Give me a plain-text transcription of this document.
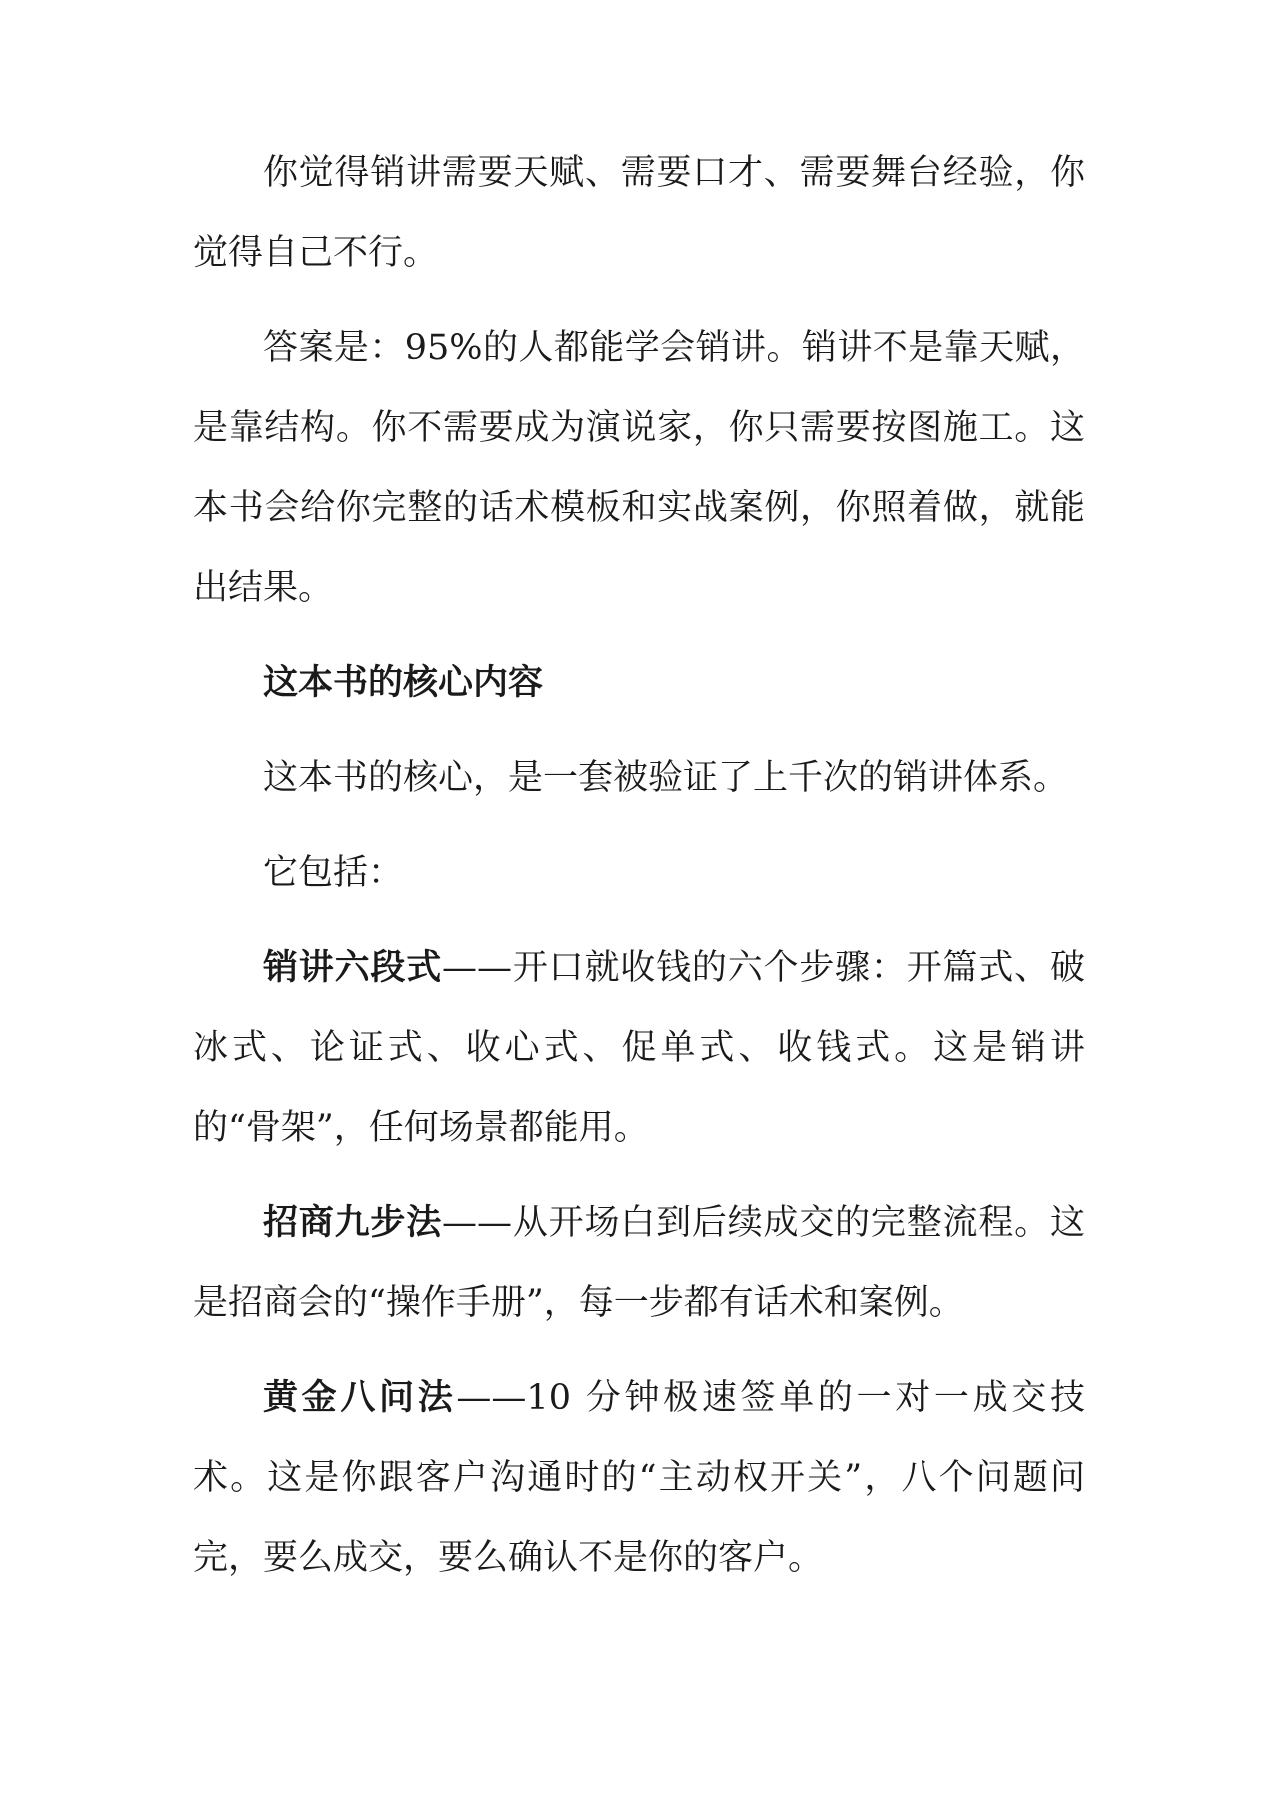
你觉得销讲需要天赋、需要口才、需要舞台经验，你觉得自己不行。

答案是：95%的人都能学会销讲。销讲不是靠天赋，是靠结构。你不需要成为演说家，你只需要按图施工。这本书会给你完整的话术模板和实战案例，你照着做，就能出结果。

这本书的核心内容

这本书的核心，是一套被验证了上千次的销讲体系。

它包括：

销讲六段式——开口就收钱的六个步骤：开篇式、破冰式、论证式、收心式、促单式、收钱式。这是销讲的“骨架”，任何场景都能用。

招商九步法——从开场白到后续成交的完整流程。这是招商会的“操作手册”，每一步都有话术和案例。

黄金八问法——10 分钟极速签单的一对一成交技术。这是你跟客户沟通时的“主动权开关”，八个问题问完，要么成交，要么确认不是你的客户。
